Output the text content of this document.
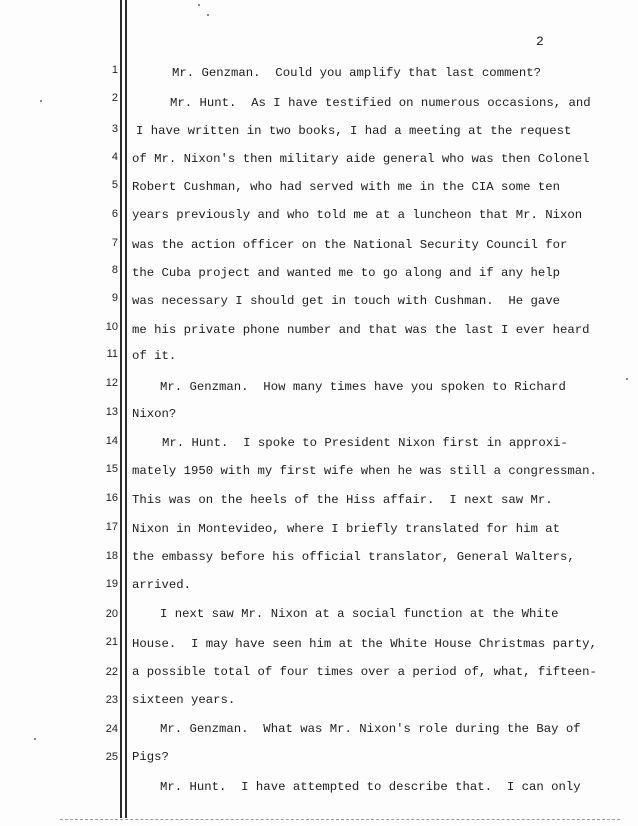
2
1
2
3
4
5
6
7
8
9
10
11
12
13
14
15
16
17
18
19
20
21
22
23
24
25
Mr. Genzman.  Could you amplify that last comment?
Mr. Hunt.  As I have testified on numerous occasions, and
I have written in two books, I had a meeting at the request
of Mr. Nixon's then military aide general who was then Colonel
Robert Cushman, who had served with me in the CIA some ten
years previously and who told me at a luncheon that Mr. Nixon
was the action officer on the National Security Council for
the Cuba project and wanted me to go along and if any help
was necessary I should get in touch with Cushman.  He gave
me his private phone number and that was the last I ever heard
of it.
Mr. Genzman.  How many times have you spoken to Richard
Nixon?
Mr. Hunt.  I spoke to President Nixon first in approxi-
mately 1950 with my first wife when he was still a congressman.
This was on the heels of the Hiss affair.  I next saw Mr.
Nixon in Montevideo, where I briefly translated for him at
the embassy before his official translator, General Walters,
arrived.
I next saw Mr. Nixon at a social function at the White
House.  I may have seen him at the White House Christmas party,
a possible total of four times over a period of, what, fifteen-
sixteen years.
Mr. Genzman.  What was Mr. Nixon's role during the Bay of
Pigs?
Mr. Hunt.  I have attempted to describe that.  I can only
